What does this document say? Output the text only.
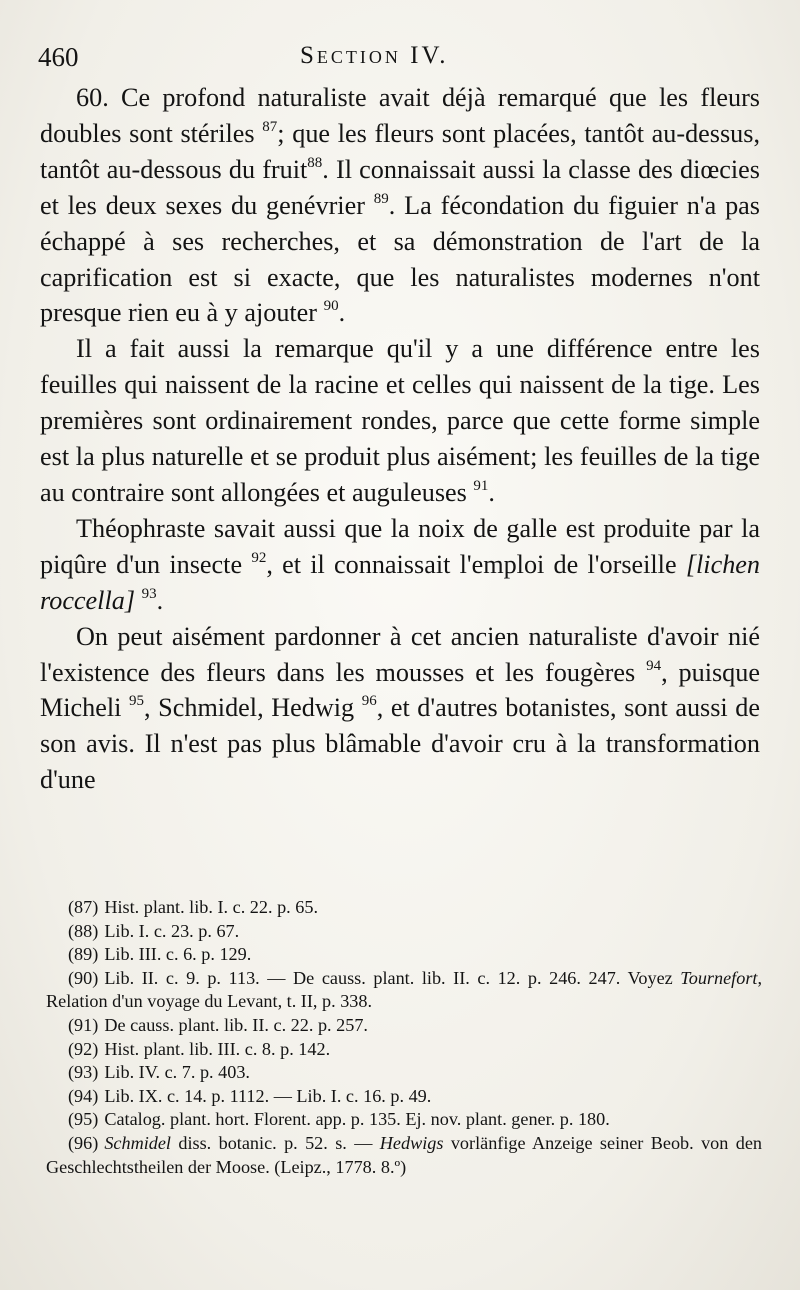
460	Section IV.

60. Ce profond naturaliste avait déjà remarqué que les fleurs doubles sont stériles $^{87}$; que les fleurs sont placées, tantôt au-dessus, tantôt au-dessous du fruit$^{88}$. Il connaissait aussi la classe des diœcies et les deux sexes du genévrier $^{89}$. La fécondation du figuier n'a pas échappé à ses recherches, et sa démonstration de l'art de la caprification est si exacte, que les naturalistes modernes n'ont presque rien eu à y ajouter $^{90}$.

Il a fait aussi la remarque qu'il y a une différence entre les feuilles qui naissent de la racine et celles qui naissent de la tige. Les premières sont ordinairement rondes, parce que cette forme simple est la plus naturelle et se produit plus aisément; les feuilles de la tige au contraire sont allongées et auguleuses $^{91}$.

Théophraste savait aussi que la noix de galle est produite par la piqûre d'un insecte $^{92}$, et il connaissait l'emploi de l'orseille [lichen roccella] $^{93}$.

On peut aisément pardonner à cet ancien naturaliste d'avoir nié l'existence des fleurs dans les mousses et les fougères $^{94}$, puisque Micheli $^{95}$, Schmidel, Hedwig $^{96}$, et d'autres botanistes, sont aussi de son avis. Il n'est pas plus blâmable d'avoir cru à la transformation d'une

(87) Hist. plant. lib. I. c. 22. p. 65.

(88) Lib. I. c. 23. p. 67.

(89) Lib. III. c. 6. p. 129.

(90) Lib. II. c. 9. p. 113. — De causs. plant. lib. II. c. 12. p. 246. 247. Voyez Tournefort, Relation d'un voyage du Levant, t. II, p. 338.

(91) De causs. plant. lib. II. c. 22. p. 257.

(92) Hist. plant. lib. III. c. 8. p. 142.

(93) Lib. IV. c. 7. p. 403.

(94) Lib. IX. c. 14. p. 1112. — Lib. I. c. 16. p. 49.

(95) Catalog. plant. hort. Florent. app. p. 135. Ej. nov. plant. gener. p. 180.

(96) Schmidel diss. botanic. p. 52. s. — Hedwigs vorlänfige Anzeige seiner Beob. von den Geschlechtstheilen der Moose. (Leipz., 1778. 8.º)
